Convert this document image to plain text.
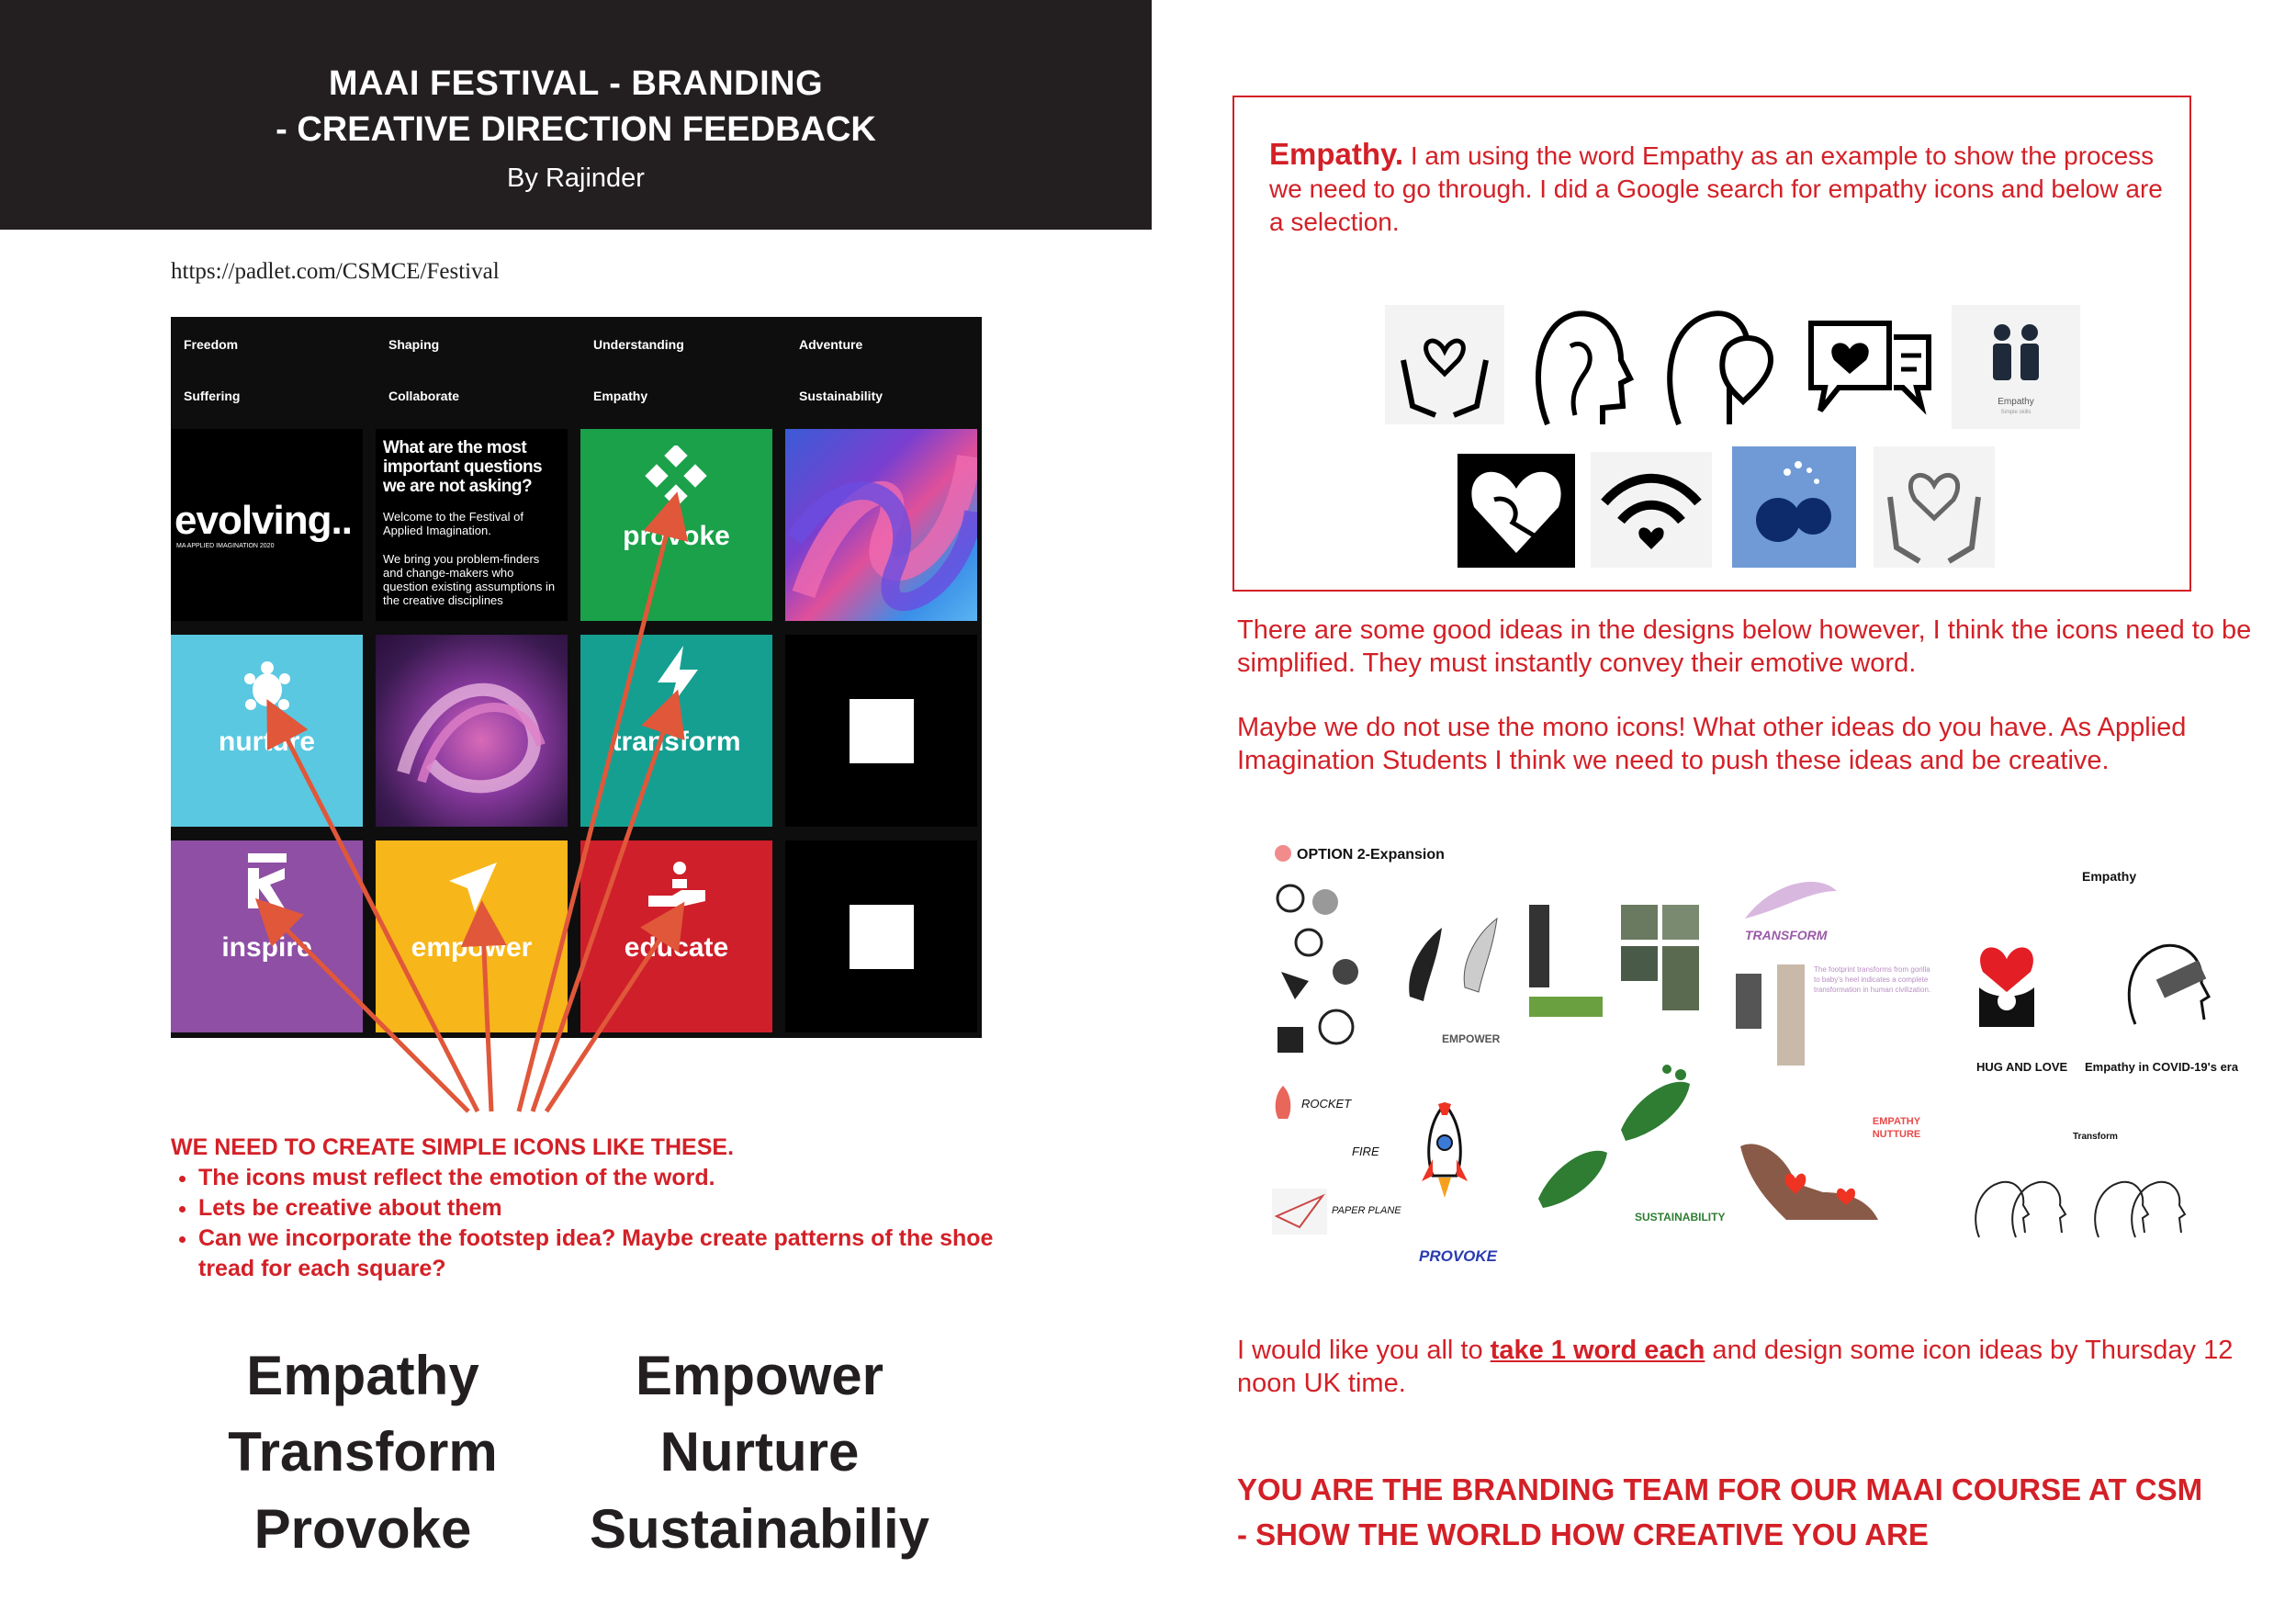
MAAI FESTIVAL - BRANDING
- CREATIVE DIRECTION FEEDBACK
By Rajinder
https://padlet.com/CSMCE/Festival
Freedom	Shaping	Understanding	Adventure
Suffering	Collaborate	Empathy	Sustainability
evolving..
MA APPLIED IMAGINATION 2020
What are the most important questions we are not asking?
Welcome to the Festival of Applied Imagination.
We bring you problem-finders and change-makers who question existing assumptions in the creative disciplines
provoke
nurture	transform
inspire	empower	educate
WE NEED TO CREATE SIMPLE ICONS LIKE THESE.
• The icons must reflect the emotion of the word.
• Lets be creative about them
• Can we incorporate the footstep idea? Maybe create patterns of the shoe tread for each square?
Empathy	Empower
Transform	Nurture
Provoke	Sustainabiliy
Empathy. I am using the word Empathy as an example to show the process we need to go through. I did a Google search for empathy icons and below are a selection.
Empathy
Simple skills
There are some good ideas in the designs below however, I think the icons need to be simplified. They must instantly convey their emotive word.
Maybe we do not use the mono icons! What other ideas do you have. As Applied Imagination Students I think we need to push these ideas and be creative.
OPTION 2-Expansion
EMPOWER
TRANSFORM
The footprint transforms from gorilla to baby's heel indicates a complete transformation in human civilization.
Empathy
HUG AND LOVE Empathy in COVID-19's era
ROCKET
FIRE
PAPER PLANE
PROVOKE
SUSTAINABILITY
EMPATHY NUTTURE	Transform
I would like you all to take 1 word each and design some icon ideas by Thursday 12 noon UK time.
YOU ARE THE BRANDING TEAM FOR OUR MAAI COURSE AT CSM
- SHOW THE WORLD HOW CREATIVE YOU ARE
